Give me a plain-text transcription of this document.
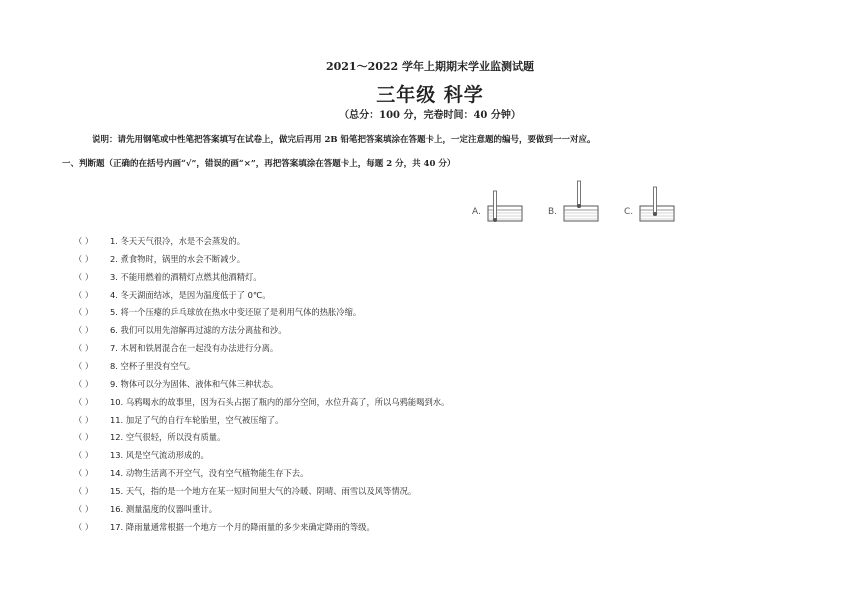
2021～2022 学年上期期末学业监测试题
三年级 科学
（总分：100 分，完卷时间：40 分钟）
说明：请先用钢笔或中性笔把答案填写在试卷上，做完后再用 2B 铅笔把答案填涂在答题卡上，一定注意题的编号，要做到一一对应。
一、判断题（正确的在括号内画“√”，错误的画“×”，再把答案填涂在答题卡上，每题 2 分，共 40 分）
A.	B.	C.
（ ） 1. 冬天天气很冷，水是不会蒸发的。
（ ） 2. 煮食物时，锅里的水会不断减少。
（ ） 3. 不能用燃着的酒精灯点燃其他酒精灯。
（ ） 4. 冬天湖面结冰，是因为温度低于了 0℃。
（ ） 5. 将一个压瘪的乒乓球放在热水中变还原了是利用气体的热胀冷缩。
（ ） 6. 我们可以用先溶解再过滤的方法分离盐和沙。
（ ） 7. 木屑和铁屑混合在一起没有办法进行分离。
（ ） 8. 空杯子里没有空气。
（ ） 9. 物体可以分为固体、液体和气体三种状态。
（ ） 10. 乌鸦喝水的故事里，因为石头占据了瓶内的部分空间，水位升高了，所以乌鸦能喝到水。
（ ） 11. 加足了气的自行车轮胎里，空气被压缩了。
（ ） 12. 空气很轻，所以没有质量。
（ ） 13. 风是空气流动形成的。
（ ） 14. 动物生活离不开空气，没有空气植物能生存下去。
（ ） 15. 天气，指的是一个地方在某一短时间里大气的冷暖、阴晴、雨雪以及风等情况。
（ ） 16. 测量温度的仪器叫重计。
（ ） 17. 降雨量通常根据一个地方一个月的降雨量的多少来确定降雨的等级。
